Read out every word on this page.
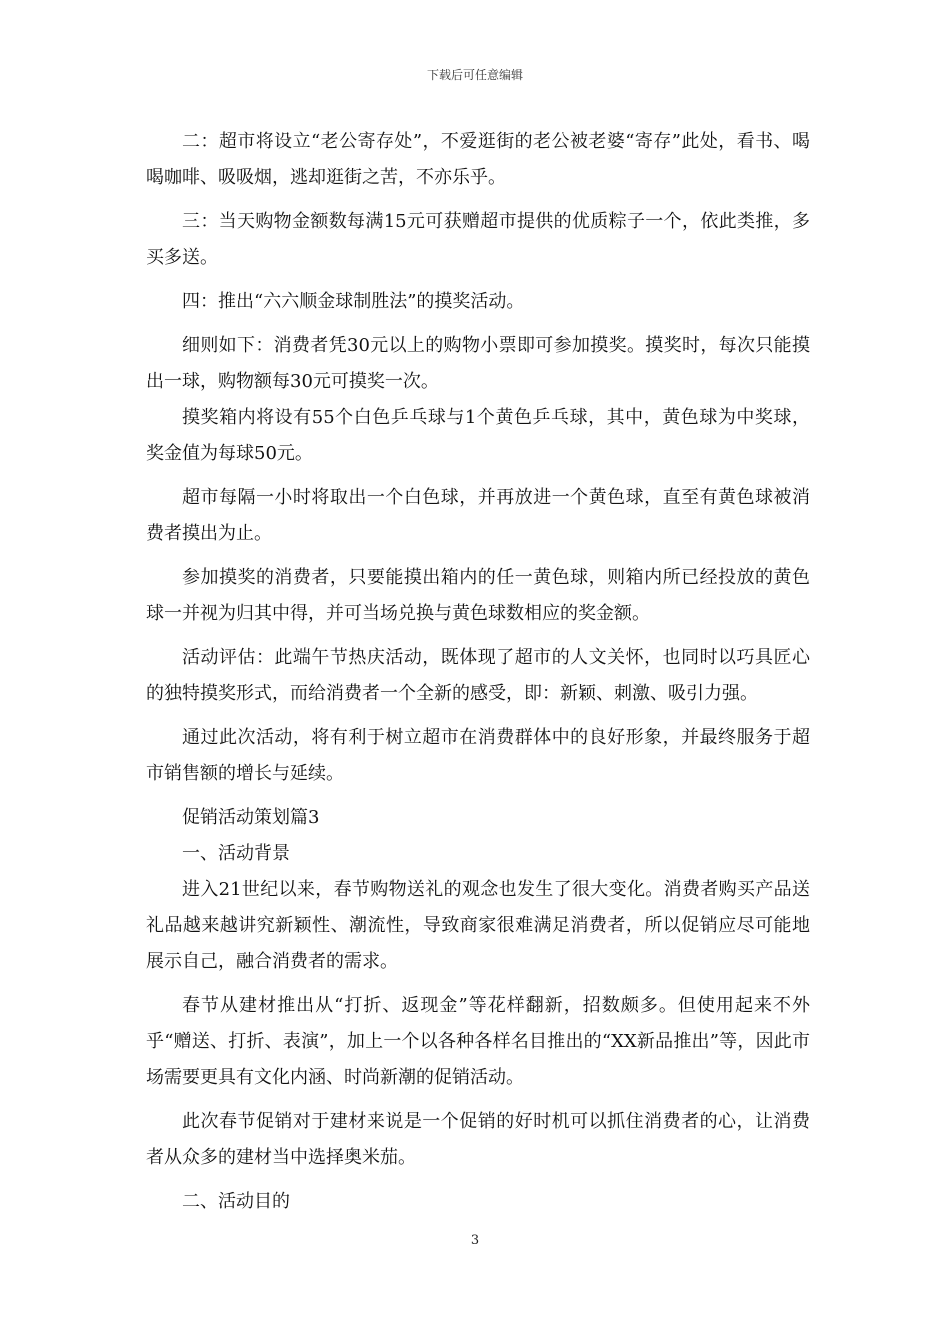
下载后可任意编辑

二：超市将设立“老公寄存处”，不爱逛街的老公被老婆“寄存”此处，看书、喝喝咖啡、吸吸烟，逃却逛街之苦，不亦乐乎。

三：当天购物金额数每满15元可获赠超市提供的优质粽子一个，依此类推，多买多送。

四：推出“六六顺金球制胜法”的摸奖活动。

细则如下：消费者凭30元以上的购物小票即可参加摸奖。摸奖时，每次只能摸出一球，购物额每30元可摸奖一次。

摸奖箱内将设有55个白色乒乓球与1个黄色乒乓球，其中，黄色球为中奖球，奖金值为每球50元。

超市每隔一小时将取出一个白色球，并再放进一个黄色球，直至有黄色球被消费者摸出为止。

参加摸奖的消费者，只要能摸出箱内的任一黄色球，则箱内所已经投放的黄色球一并视为归其中得，并可当场兑换与黄色球数相应的奖金额。

活动评估：此端午节热庆活动，既体现了超市的人文关怀，也同时以巧具匠心的独特摸奖形式，而给消费者一个全新的感受，即：新颖、刺激、吸引力强。

通过此次活动，将有利于树立超市在消费群体中的良好形象，并最终服务于超市销售额的增长与延续。

促销活动策划篇3

一、活动背景

进入21世纪以来，春节购物送礼的观念也发生了很大变化。消费者购买产品送礼品越来越讲究新颖性、潮流性，导致商家很难满足消费者，所以促销应尽可能地展示自己，融合消费者的需求。

春节从建材推出从“打折、返现金”等花样翻新，招数颇多。但使用起来不外乎“赠送、打折、表演”，加上一个以各种各样名目推出的“XX新品推出”等，因此市场需要更具有文化内涵、时尚新潮的促销活动。

此次春节促销对于建材来说是一个促销的好时机可以抓住消费者的心，让消费者从众多的建材当中选择奥米茄。

二、活动目的

3
